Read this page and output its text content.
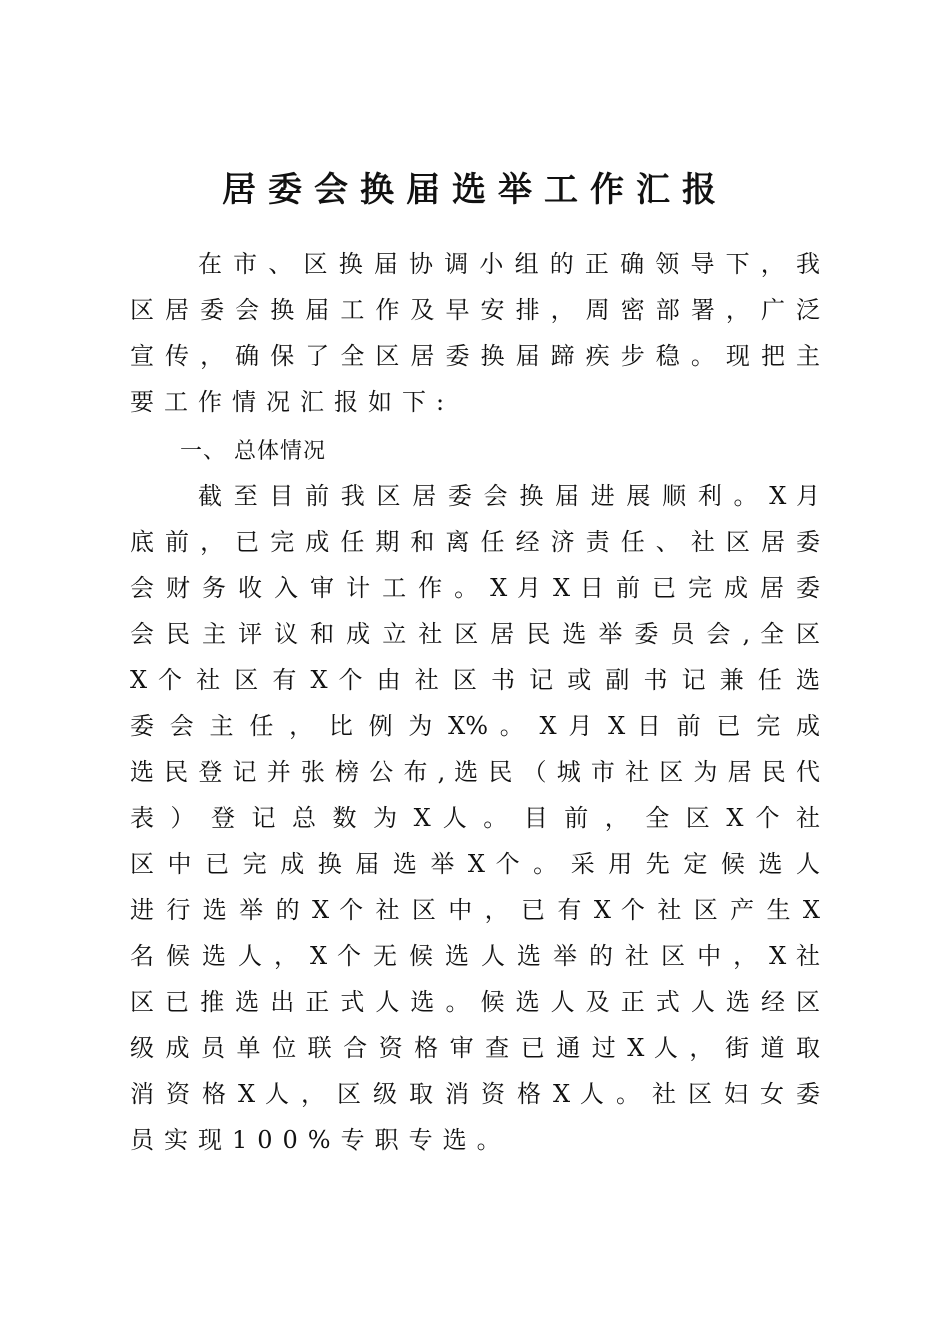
居委会换届选举工作汇报
在 市 、 区 换 届 协 调 小 组 的 正 确 领 导 下 ， 我
区 居 委 会 换 届 工 作 及 早 安 排 ， 周 密 部 署 ， 广 泛
宣 传 ， 确 保 了 全 区 居 委 换 届 蹄 疾 步 稳 。 现 把 主
要工作情况汇报如下:
一、 总体情况
截 至 目 前 我 区 居 委 会 换 届 进 展 顺 利 。 X 月
底 前 ， 已 完 成 任 期 和 离 任 经 济 责 任 、 社 区 居 委
会 财 务 收 入 审 计 工 作 。 X 月 X 日 前 已 完 成 居 委
会 民 主 评 议 和 成 立 社 区 居 民 选 举 委 员 会 , 全 区
X 个 社 区 有 X 个 由 社 区 书 记 或 副 书 记 兼 任 选
委 会 主 任 ， 比 例 为 X% 。 X 月 X 日 前 已 完 成
选 民 登 记 并 张 榜 公 布 , 选 民 （ 城 市 社 区 为 居 民 代
表 ） 登 记 总 数 为 X 人 。 目 前 ， 全 区 X 个 社
区 中 已 完 成 换 届 选 举 X 个 。 采 用 先 定 候 选 人
进 行 选 举 的 X 个 社 区 中 ， 已 有 X 个 社 区 产 生 X
名 候 选 人 ， X 个 无 候 选 人 选 举 的 社 区 中 ， X 社
区 已 推 选 出 正 式 人 选 。 候 选 人 及 正 式 人 选 经 区
级 成 员 单 位 联 合 资 格 审 查 已 通 过 X 人 ， 街 道 取
消 资 格 X 人 ， 区 级 取 消 资 格 X 人 。 社 区 妇 女 委
员实现100%专职专选。
